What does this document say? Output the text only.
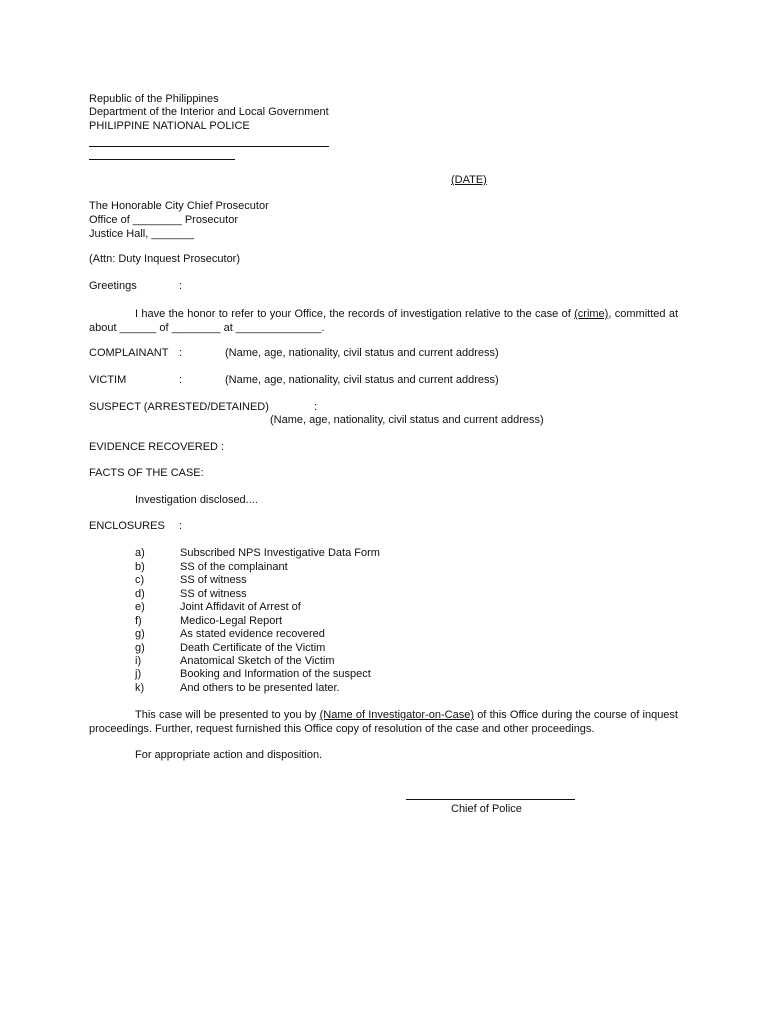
Republic of the Philippines
Department of the Interior and Local Government
PHILIPPINE NATIONAL POLICE
(DATE)
The Honorable City Chief Prosecutor
Office of ________ Prosecutor
Justice Hall, _______
(Attn: Duty Inquest Prosecutor)
Greetings	:
I have the honor to refer to your Office, the records of investigation relative to the case of (crime), committed at about ______ of ________ at ______________.
COMPLAINANT :	(Name, age, nationality, civil status and current address)
VICTIM	:	(Name, age, nationality, civil status and current address)
SUSPECT (ARRESTED/DETAINED)	:
(Name, age, nationality, civil status and current address)
EVIDENCE RECOVERED :
FACTS OF THE CASE:
Investigation disclosed....
ENCLOSURES :
a)	Subscribed NPS Investigative Data Form
b)	SS of the complainant
c)	SS of witness
d)	SS of witness
e)	Joint Affidavit of Arrest of
f)	Medico-Legal Report
g)	As stated evidence recovered
g)	Death Certificate of the Victim
i)	Anatomical Sketch of the Victim
j)	Booking and Information of the suspect
k)	And others to be presented later.
This case will be presented to you by (Name of Investigator-on-Case) of this Office during the course of inquest proceedings. Further, request furnished this Office copy of resolution of the case and other proceedings.
For appropriate action and disposition.
Chief of Police
